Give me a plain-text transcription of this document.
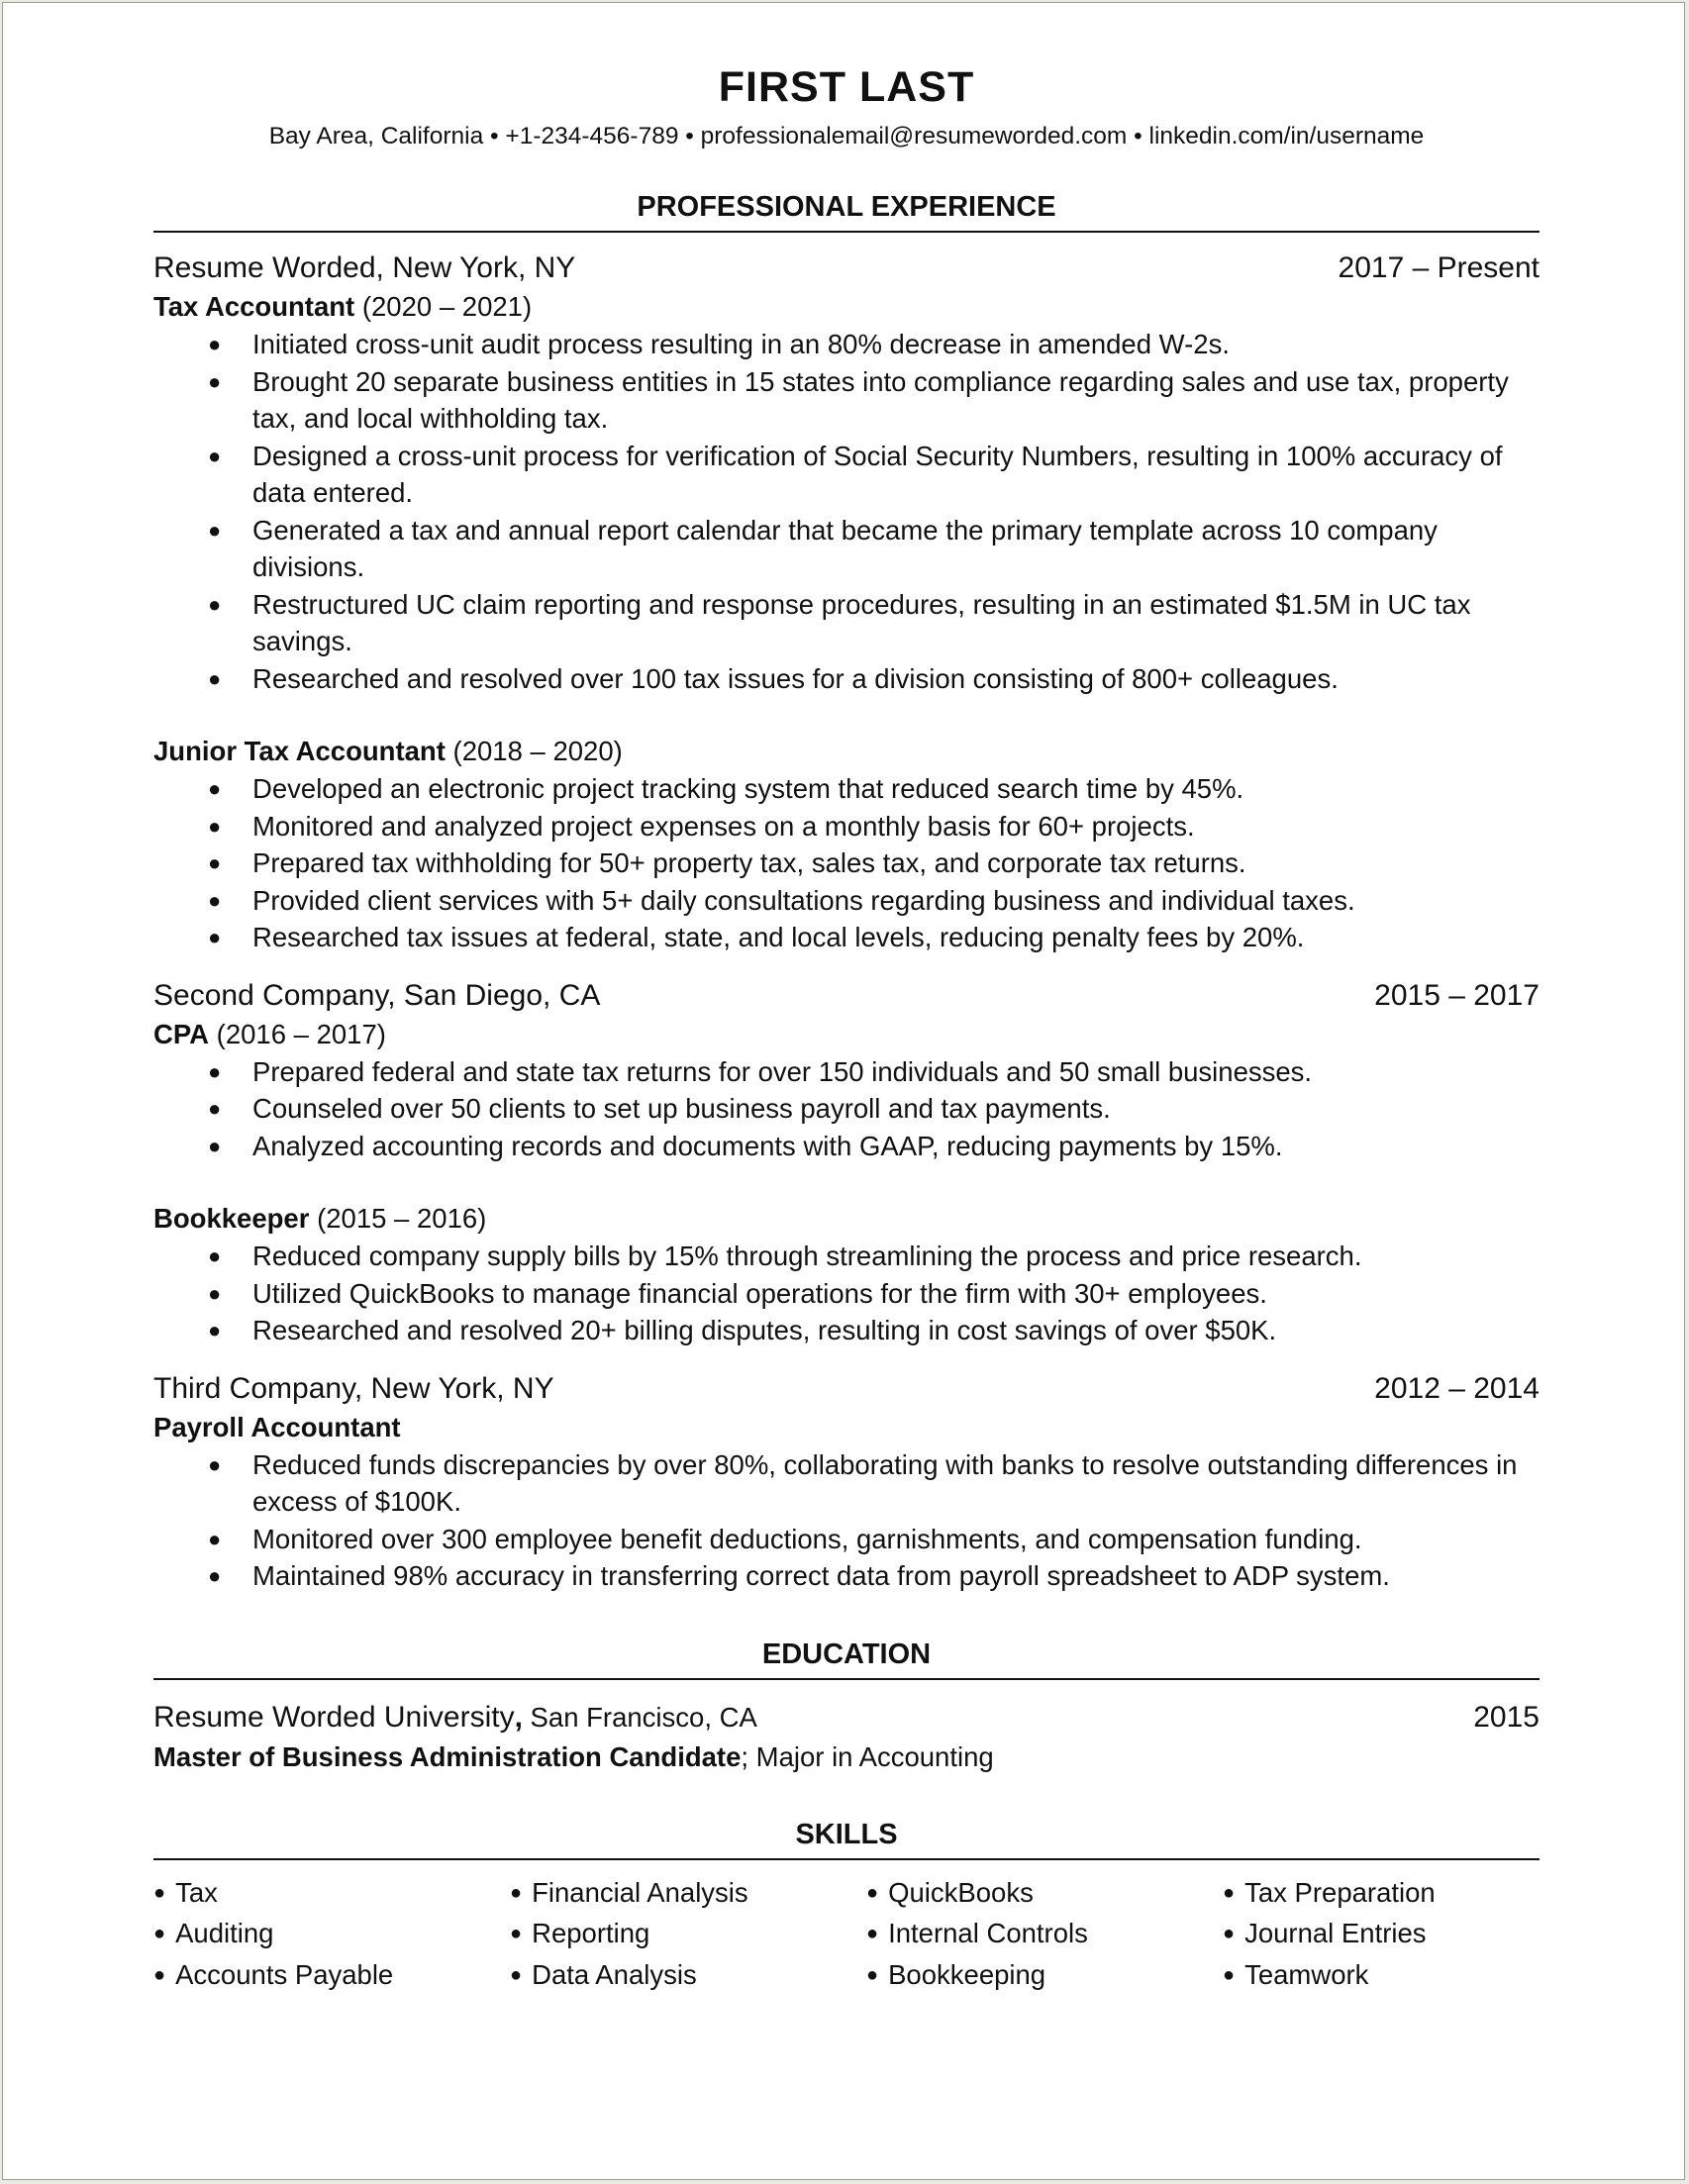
FIRST LAST
Bay Area, California • +1-234-456-789 • professionalemail@resumeworded.com • linkedin.com/in/username
PROFESSIONAL EXPERIENCE
Resume Worded, New York, NY	2017 – Present
Tax Accountant (2020 – 2021)
● Initiated cross-unit audit process resulting in an 80% decrease in amended W-2s.
● Brought 20 separate business entities in 15 states into compliance regarding sales and use tax, property tax, and local withholding tax.
● Designed a cross-unit process for verification of Social Security Numbers, resulting in 100% accuracy of data entered.
● Generated a tax and annual report calendar that became the primary template across 10 company divisions.
● Restructured UC claim reporting and response procedures, resulting in an estimated $1.5M in UC tax savings.
● Researched and resolved over 100 tax issues for a division consisting of 800+ colleagues.
Junior Tax Accountant (2018 – 2020)
● Developed an electronic project tracking system that reduced search time by 45%.
● Monitored and analyzed project expenses on a monthly basis for 60+ projects.
● Prepared tax withholding for 50+ property tax, sales tax, and corporate tax returns.
● Provided client services with 5+ daily consultations regarding business and individual taxes.
● Researched tax issues at federal, state, and local levels, reducing penalty fees by 20%.
Second Company, San Diego, CA	2015 – 2017
CPA (2016 – 2017)
● Prepared federal and state tax returns for over 150 individuals and 50 small businesses.
● Counseled over 50 clients to set up business payroll and tax payments.
● Analyzed accounting records and documents with GAAP, reducing payments by 15%.
Bookkeeper (2015 – 2016)
● Reduced company supply bills by 15% through streamlining the process and price research.
● Utilized QuickBooks to manage financial operations for the firm with 30+ employees.
● Researched and resolved 20+ billing disputes, resulting in cost savings of over $50K.
Third Company, New York, NY	2012 – 2014
Payroll Accountant
● Reduced funds discrepancies by over 80%, collaborating with banks to resolve outstanding differences in excess of $100K.
● Monitored over 300 employee benefit deductions, garnishments, and compensation funding.
● Maintained 98% accuracy in transferring correct data from payroll spreadsheet to ADP system.
EDUCATION
Resume Worded University, San Francisco, CA	2015
Master of Business Administration Candidate; Major in Accounting
SKILLS
● Tax	● Financial Analysis	● QuickBooks	● Tax Preparation
● Auditing	● Reporting	● Internal Controls	● Journal Entries
● Accounts Payable	● Data Analysis	● Bookkeeping	● Teamwork
